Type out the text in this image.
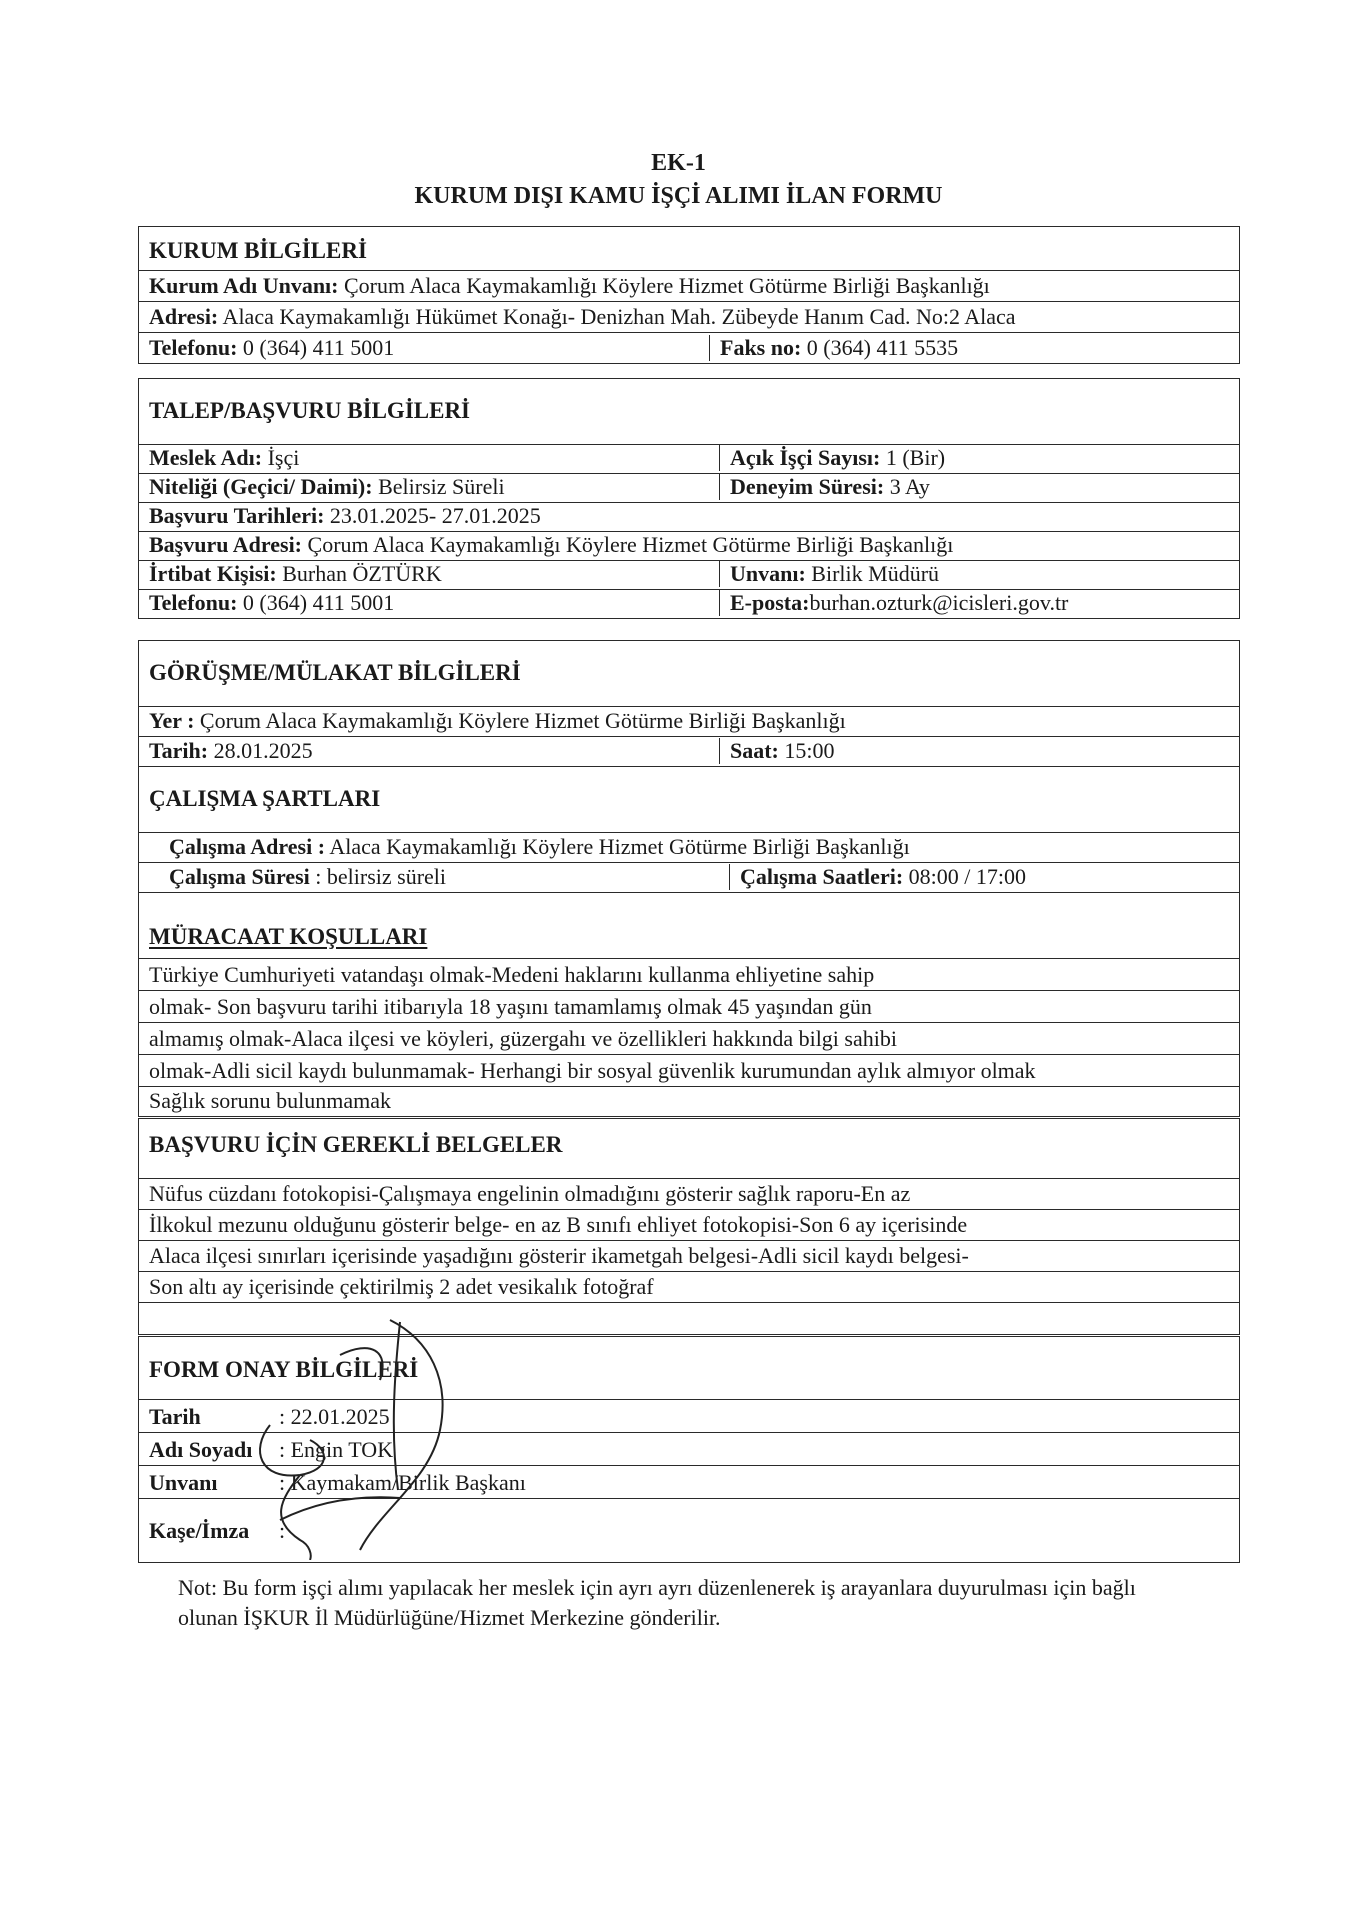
EK-1
KURUM DIŞI KAMU İŞÇİ ALIMI İLAN FORMU
KURUM BİLGİLERİ
Kurum Adı Unvanı: Çorum Alaca Kaymakamlığı Köylere Hizmet Götürme Birliği Başkanlığı
Adresi: Alaca Kaymakamlığı Hükümet Konağı- Denizhan Mah. Zübeyde Hanım Cad. No:2 Alaca
Telefonu: 0 (364) 411 5001	Faks no: 0 (364) 411 5535
TALEP/BAŞVURU BİLGİLERİ
Meslek Adı: İşçi	Açık İşçi Sayısı: 1 (Bir)
Niteliği (Geçici/ Daimi): Belirsiz Süreli	Deneyim Süresi: 3 Ay
Başvuru Tarihleri: 23.01.2025- 27.01.2025
Başvuru Adresi: Çorum Alaca Kaymakamlığı Köylere Hizmet Götürme Birliği Başkanlığı
İrtibat Kişisi: Burhan ÖZTÜRK	Unvanı: Birlik Müdürü
Telefonu: 0 (364) 411 5001	E-posta:burhan.ozturk@icisleri.gov.tr
GÖRÜŞME/MÜLAKAT BİLGİLERİ
Yer : Çorum Alaca Kaymakamlığı Köylere Hizmet Götürme Birliği Başkanlığı
Tarih: 28.01.2025	Saat: 15:00
ÇALIŞMA ŞARTLARI
Çalışma Adresi : Alaca Kaymakamlığı Köylere Hizmet Götürme Birliği Başkanlığı
Çalışma Süresi : belirsiz süreli	Çalışma Saatleri: 08:00 / 17:00
MÜRACAAT KOŞULLARI
Türkiye Cumhuriyeti vatandaşı olmak-Medeni haklarını kullanma ehliyetine sahip
olmak- Son başvuru tarihi itibarıyla 18 yaşını tamamlamış olmak 45 yaşından gün
almamış olmak-Alaca ilçesi ve köyleri, güzergahı ve özellikleri hakkında bilgi sahibi
olmak-Adli sicil kaydı bulunmamak- Herhangi bir sosyal güvenlik kurumundan aylık almıyor olmak
Sağlık sorunu bulunmamak
BAŞVURU İÇİN GEREKLİ BELGELER
Nüfus cüzdanı fotokopisi-Çalışmaya engelinin olmadığını gösterir sağlık raporu-En az
İlkokul mezunu olduğunu gösterir belge- en az B sınıfı ehliyet fotokopisi-Son 6 ay içerisinde
Alaca ilçesi sınırları içerisinde yaşadığını gösterir ikametgah belgesi-Adli sicil kaydı belgesi-
Son altı ay içerisinde çektirilmiş 2 adet vesikalık fotoğraf
FORM ONAY BİLGİLERİ
Tarih	: 22.01.2025
Adı Soyadı : Engin TOK
Unvanı	: Kaymakam/Birlik Başkanı
Kaşe/İmza :
Not: Bu form işçi alımı yapılacak her meslek için ayrı ayrı düzenlenerek iş arayanlara duyurulması için bağlı olunan İŞKUR İl Müdürlüğüne/Hizmet Merkezine gönderilir.
